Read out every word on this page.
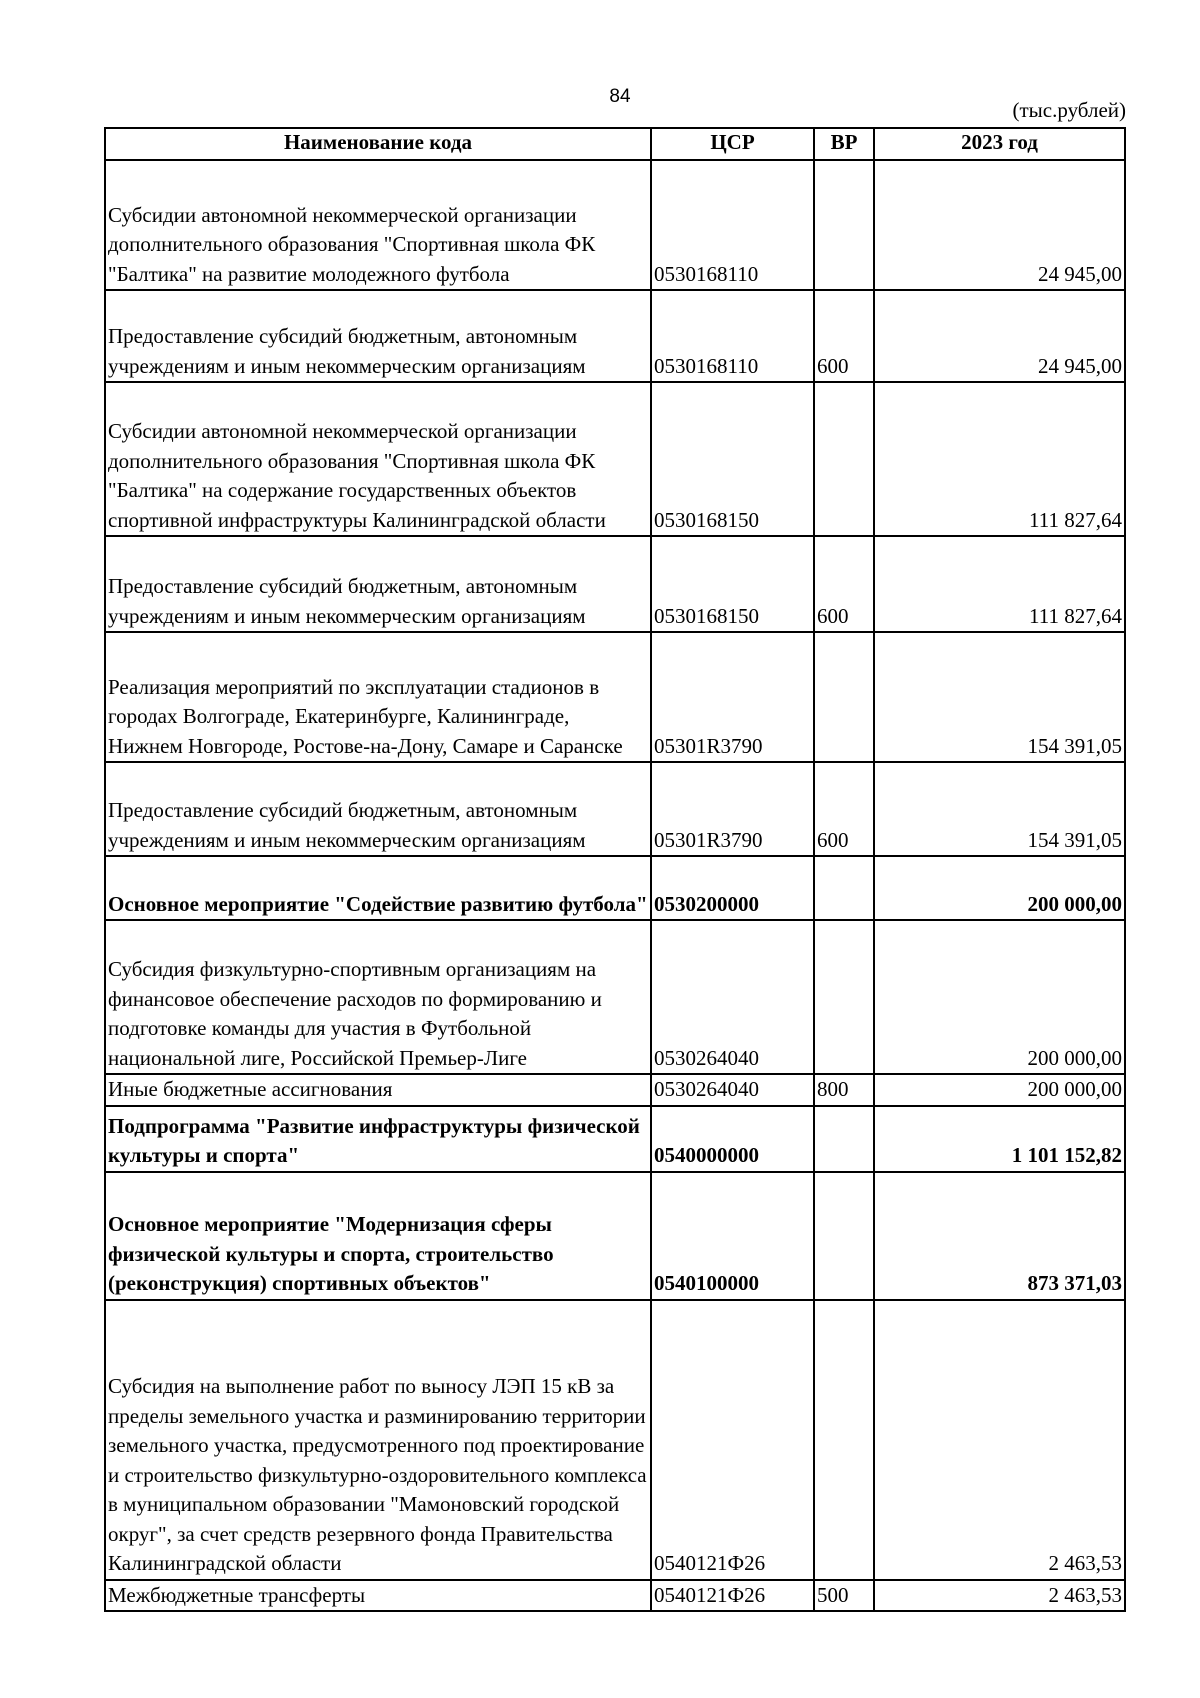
84
(тыс.рублей)
Наименование кода	ЦСР	ВР	2023 год
Субсидии автономной некоммерческой организации дополнительного образования "Спортивная школа ФК "Балтика" на развитие молодежного футбола	0530168110		24 945,00
Предоставление субсидий бюджетным, автономным учреждениям и иным некоммерческим организациям	0530168110	600	24 945,00
Субсидии автономной некоммерческой организации дополнительного образования "Спортивная школа ФК "Балтика" на содержание государственных объектов спортивной инфраструктуры Калининградской области	0530168150		111 827,64
Предоставление субсидий бюджетным, автономным учреждениям и иным некоммерческим организациям	0530168150	600	111 827,64
Реализация мероприятий по эксплуатации стадионов в городах Волгограде, Екатеринбурге, Калининграде, Нижнем Новгороде, Ростове-на-Дону, Самаре и Саранске	05301R3790		154 391,05
Предоставление субсидий бюджетным, автономным учреждениям и иным некоммерческим организациям	05301R3790	600	154 391,05
Основное мероприятие "Содействие развитию футбола"	0530200000		200 000,00
Субсидия физкультурно-спортивным организациям на финансовое обеспечение расходов по формированию и подготовке команды для участия в Футбольной национальной лиге, Российской Премьер-Лиге	0530264040		200 000,00
Иные бюджетные ассигнования	0530264040	800	200 000,00
Подпрограмма "Развитие инфраструктуры физической культуры и спорта"	0540000000		1 101 152,82
Основное мероприятие "Модернизация сферы физической культуры и спорта, строительство (реконструкция) спортивных объектов"	0540100000		873 371,03
Субсидия на выполнение работ по выносу ЛЭП 15 кВ за пределы земельного участка и разминированию территории земельного участка, предусмотренного под проектирование и строительство физкультурно-оздоровительного комплекса в муниципальном образовании "Мамоновский городской округ", за счет средств резервного фонда Правительства Калининградской области	0540121Ф26		2 463,53
Межбюджетные трансферты	0540121Ф26	500	2 463,53
